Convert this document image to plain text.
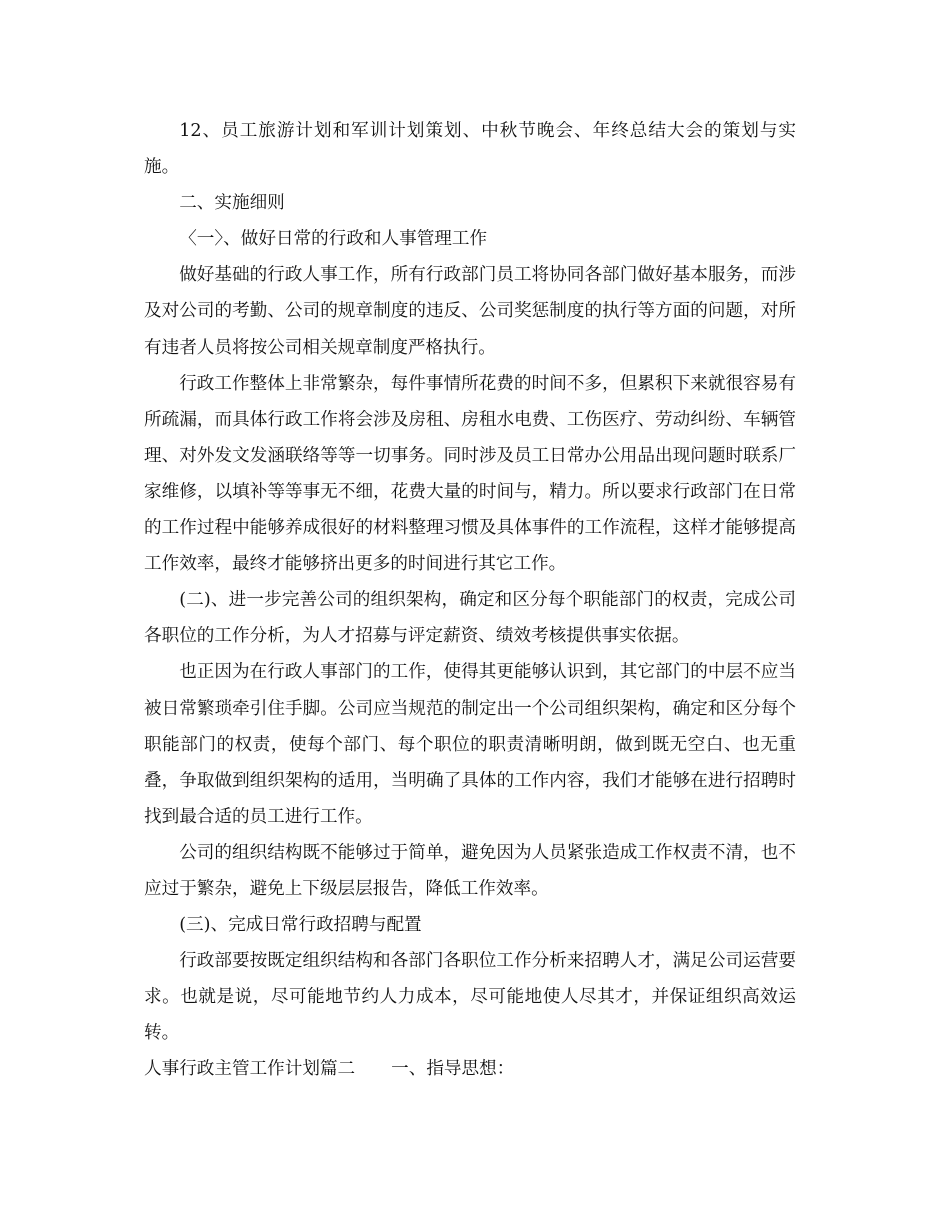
12、员工旅游计划和军训计划策划、中秋节晚会、年终总结大会的策划与实施。

二、实施细则

〈一〉、做好日常的行政和人事管理工作

做好基础的行政人事工作，所有行政部门员工将协同各部门做好基本服务，而涉及对公司的考勤、公司的规章制度的违反、公司奖惩制度的执行等方面的问题，对所有违者人员将按公司相关规章制度严格执行。

行政工作整体上非常繁杂，每件事情所花费的时间不多，但累积下来就很容易有所疏漏，而具体行政工作将会涉及房租、房租水电费、工伤医疗、劳动纠纷、车辆管理、对外发文发涵联络等等一切事务。同时涉及员工日常办公用品出现问题时联系厂家维修，以填补等等事无不细，花费大量的时间与，精力。所以要求行政部门在日常的工作过程中能够养成很好的材料整理习惯及具体事件的工作流程，这样才能够提高工作效率，最终才能够挤出更多的时间进行其它工作。

(二)、进一步完善公司的组织架构，确定和区分每个职能部门的权责，完成公司各职位的工作分析，为人才招募与评定薪资、绩效考核提供事实依据。

也正因为在行政人事部门的工作，使得其更能够认识到，其它部门的中层不应当被日常繁琐牵引住手脚。公司应当规范的制定出一个公司组织架构，确定和区分每个职能部门的权责，使每个部门、每个职位的职责清晰明朗，做到既无空白、也无重叠，争取做到组织架构的适用，当明确了具体的工作内容，我们才能够在进行招聘时找到最合适的员工进行工作。

公司的组织结构既不能够过于简单，避免因为人员紧张造成工作权责不清，也不应过于繁杂，避免上下级层层报告，降低工作效率。

(三)、完成日常行政招聘与配置

行政部要按既定组织结构和各部门各职位工作分析来招聘人才，满足公司运营要求。也就是说，尽可能地节约人力成本，尽可能地使人尽其才，并保证组织高效运转。

人事行政主管工作计划篇二 一、指导思想：
